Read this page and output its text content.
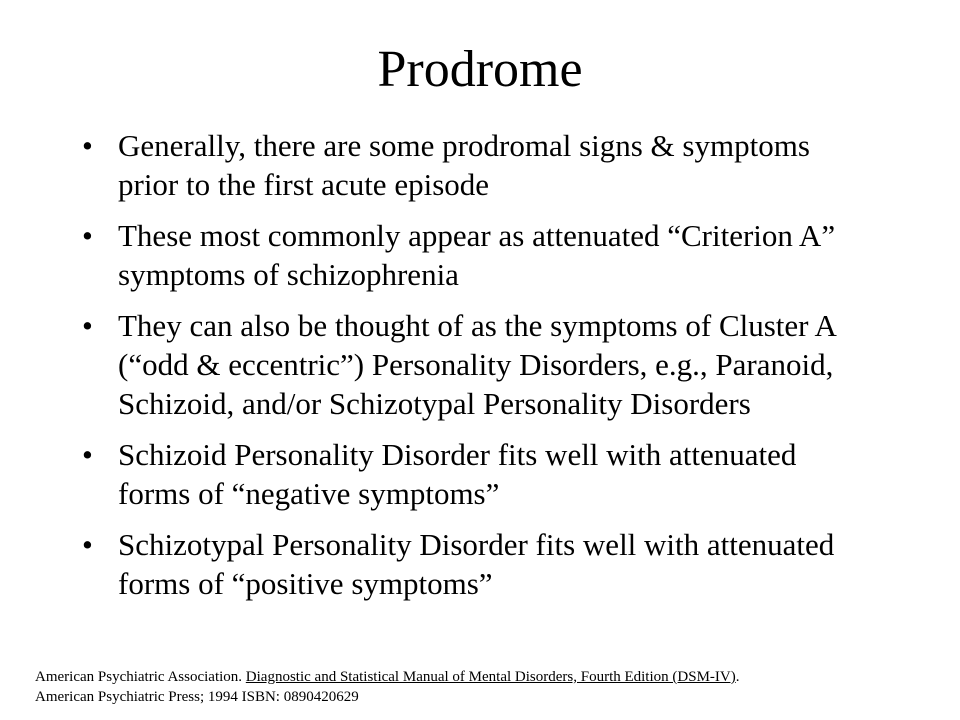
Prodrome
• Generally, there are some prodromal signs & symptoms prior to the first acute episode
• These most commonly appear as attenuated “Criterion A” symptoms of schizophrenia
• They can also be thought of as the symptoms of Cluster A (“odd & eccentric”) Personality Disorders, e.g., Paranoid, Schizoid, and/or Schizotypal Personality Disorders
• Schizoid Personality Disorder fits well with attenuated forms of “negative symptoms”
• Schizotypal Personality Disorder fits well with attenuated forms of “positive symptoms”
American Psychiatric Association. Diagnostic and Statistical Manual of Mental Disorders, Fourth Edition (DSM-IV).
American Psychiatric Press; 1994 ISBN: 0890420629
